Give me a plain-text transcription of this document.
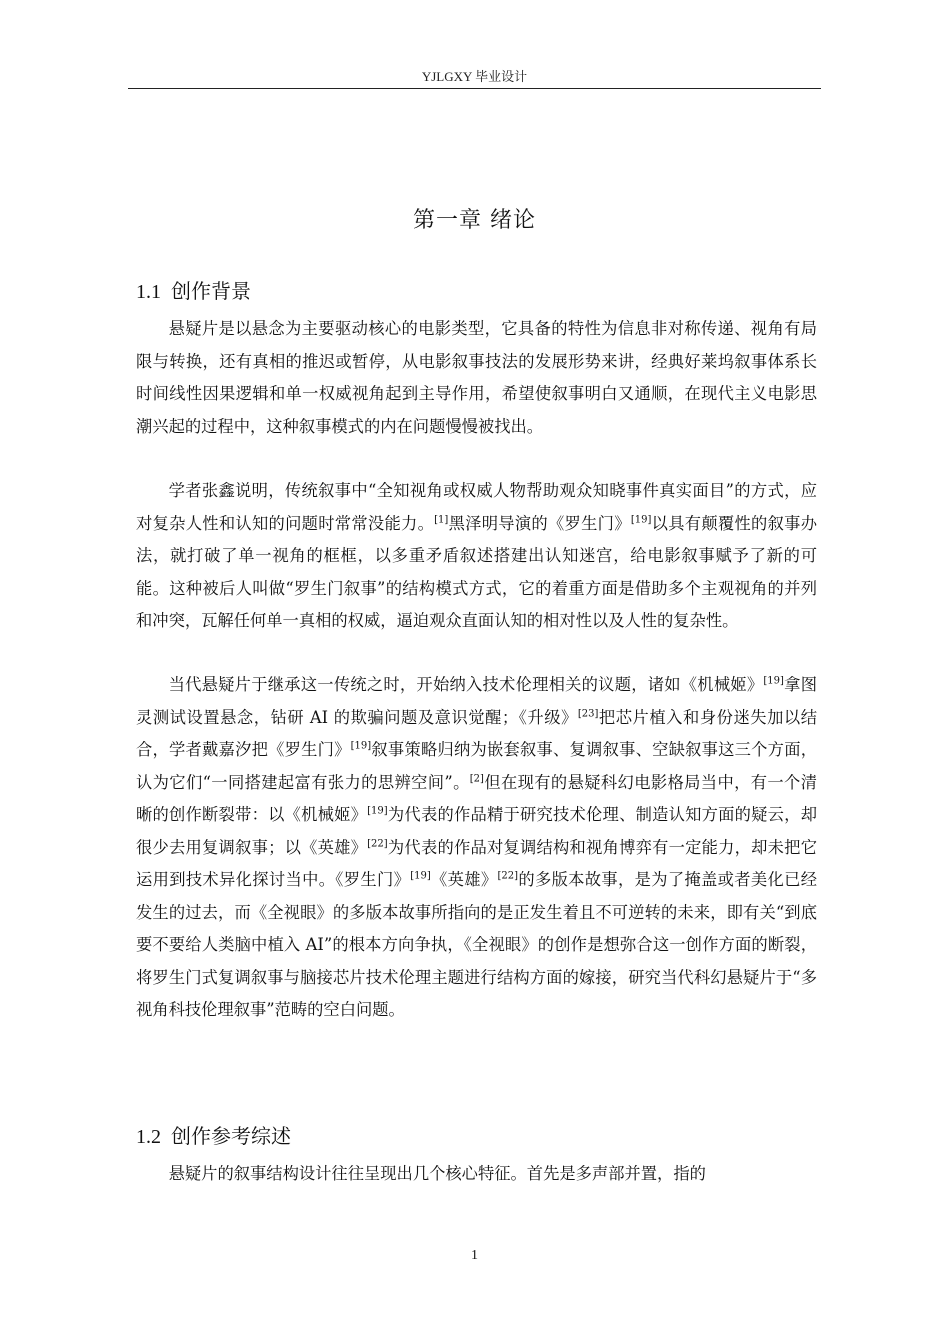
YJLGXY 毕业设计
第一章 绪论
1.1 创作背景

悬疑片是以悬念为主要驱动核心的电影类型，它具备的特性为信息非对称传递、视角有局限与转换，还有真相的推迟或暂停，从电影叙事技法的发展形势来讲，经典好莱坞叙事体系长时间线性因果逻辑和单一权威视角起到主导作用，希望使叙事明白又通顺，在现代主义电影思潮兴起的过程中，这种叙事模式的内在问题慢慢被找出。

学者张鑫说明，传统叙事中“全知视角或权威人物帮助观众知晓事件真实面目”的方式，应对复杂人性和认知的问题时常常没能力。[1]黑泽明导演的《罗生门》[19]以具有颠覆性的叙事办法，就打破了单一视角的框框，以多重矛盾叙述搭建出认知迷宫，给电影叙事赋予了新的可能。这种被后人叫做“罗生门叙事”的结构模式方式，它的着重方面是借助多个主观视角的并列和冲突，瓦解任何单一真相的权威，逼迫观众直面认知的相对性以及人性的复杂性。

当代悬疑片于继承这一传统之时，开始纳入技术伦理相关的议题，诸如《机械姬》[19]拿图灵测试设置悬念，钻研 AI 的欺骗问题及意识觉醒；《升级》[23]把芯片植入和身份迷失加以结合，学者戴嘉汐把《罗生门》[19]叙事策略归纳为嵌套叙事、复调叙事、空缺叙事这三个方面，认为它们“一同搭建起富有张力的思辨空间”。[2]但在现有的悬疑科幻电影格局当中，有一个清晰的创作断裂带：以《机械姬》[19]为代表的作品精于研究技术伦理、制造认知方面的疑云，却很少去用复调叙事；以《英雄》[22]为代表的作品对复调结构和视角博弈有一定能力，却未把它运用到技术异化探讨当中。《罗生门》[19]《英雄》[22]的多版本故事，是为了掩盖或者美化已经发生的过去，而《全视眼》的多版本故事所指向的是正发生着且不可逆转的未来，即有关“到底要不要给人类脑中植入 AI”的根本方向争执，《全视眼》的创作是想弥合这一创作方面的断裂，将罗生门式复调叙事与脑接芯片技术伦理主题进行结构方面的嫁接，研究当代科幻悬疑片于“多视角科技伦理叙事”范畴的空白问题。

1.2 创作参考综述

悬疑片的叙事结构设计往往呈现出几个核心特征。首先是多声部并置，指的

1
